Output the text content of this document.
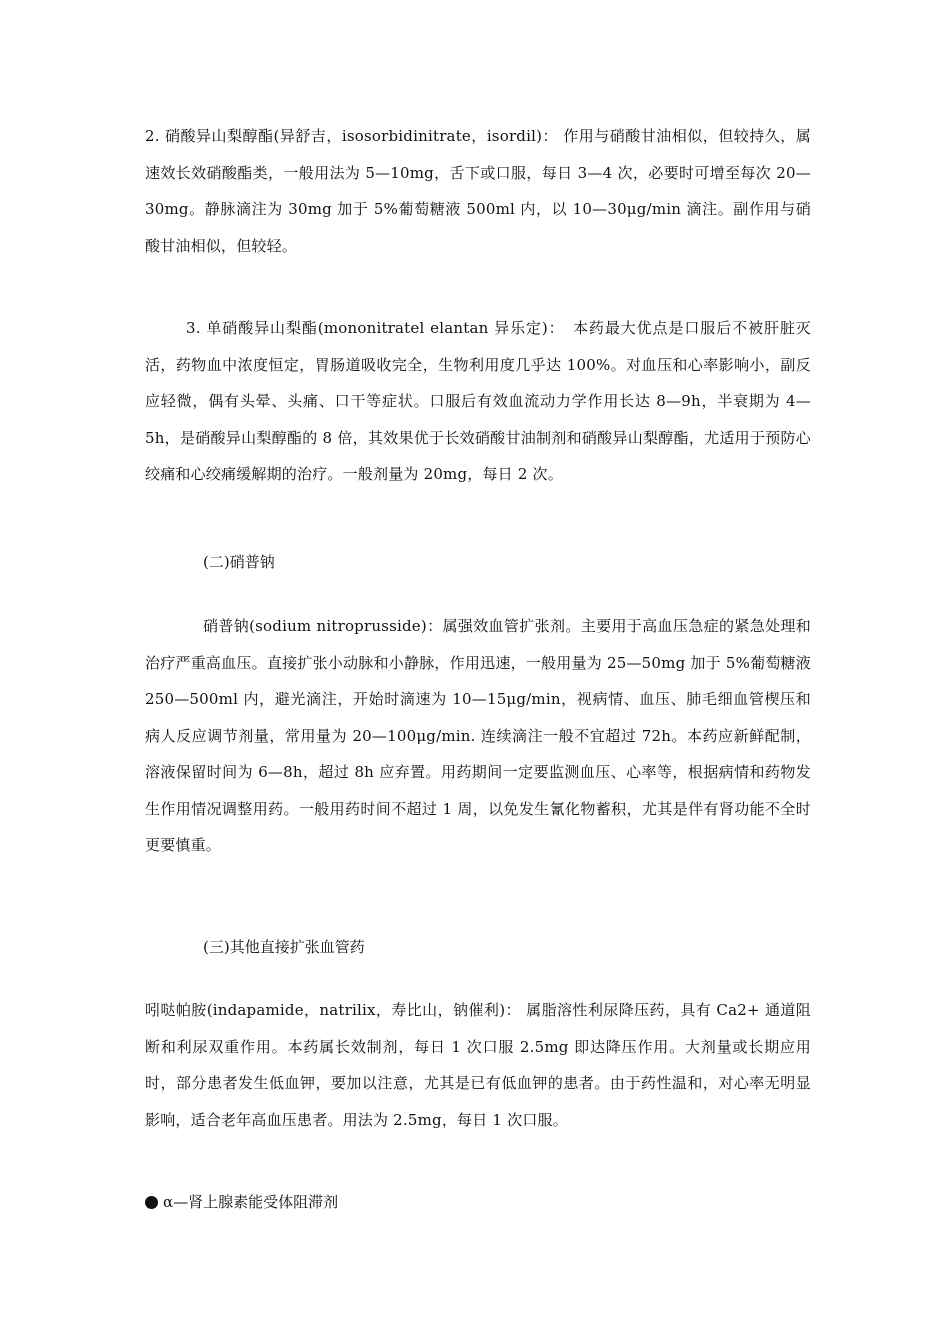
2. 硝酸异山梨醇酯(异舒吉，isosorbidinitrate，isordil)： 作用与硝酸甘油相似，但较持久，属速效长效硝酸酯类，一般用法为 5—10mg，舌下或口服，每日 3—4 次，必要时可增至每次 20—30mg。静脉滴注为 30mg 加于 5%葡萄糖液 500ml 内，以 10—30μg/min 滴注。副作用与硝酸甘油相似，但较轻。

3. 单硝酸异山梨酯(mononitratel elantan 异乐定)：　本药最大优点是口服后不被肝脏灭活，药物血中浓度恒定，胃肠道吸收完全，生物利用度几乎达 100%。对血压和心率影响小，副反应轻微，偶有头晕、头痛、口干等症状。口服后有效血流动力学作用长达 8—9h，半衰期为 4—5h，是硝酸异山梨醇酯的 8 倍，其效果优于长效硝酸甘油制剂和硝酸异山梨醇酯，尤适用于预防心绞痛和心绞痛缓解期的治疗。一般剂量为 20mg，每日 2 次。

(二)硝普钠

硝普钠(sodium nitroprusside)：属强效血管扩张剂。主要用于高血压急症的紧急处理和治疗严重高血压。直接扩张小动脉和小静脉，作用迅速，一般用量为 25—50mg 加于 5%葡萄糖液 250—500ml 内，避光滴注，开始时滴速为 10—15μg/min，视病情、血压、肺毛细血管楔压和病人反应调节剂量，常用量为 20—100μg/min. 连续滴注一般不宜超过 72h。本药应新鲜配制，溶液保留时间为 6—8h，超过 8h 应弃置。用药期间一定要监测血压、心率等，根据病情和药物发生作用情况调整用药。一般用药时间不超过 1 周，以免发生氰化物蓄积，尤其是伴有肾功能不全时更要慎重。

(三)其他直接扩张血管药

吲哒帕胺(indapamide，natrilix，寿比山，钠催利)： 属脂溶性利尿降压药，具有 Ca2+ 通道阻断和利尿双重作用。本药属长效制剂，每日 1 次口服 2.5mg 即达降压作用。大剂量或长期应用时，部分患者发生低血钾，要加以注意，尤其是已有低血钾的患者。由于药性温和，对心率无明显影响，适合老年高血压患者。用法为 2.5mg，每日 1 次口服。

α—肾上腺素能受体阻滞剂
